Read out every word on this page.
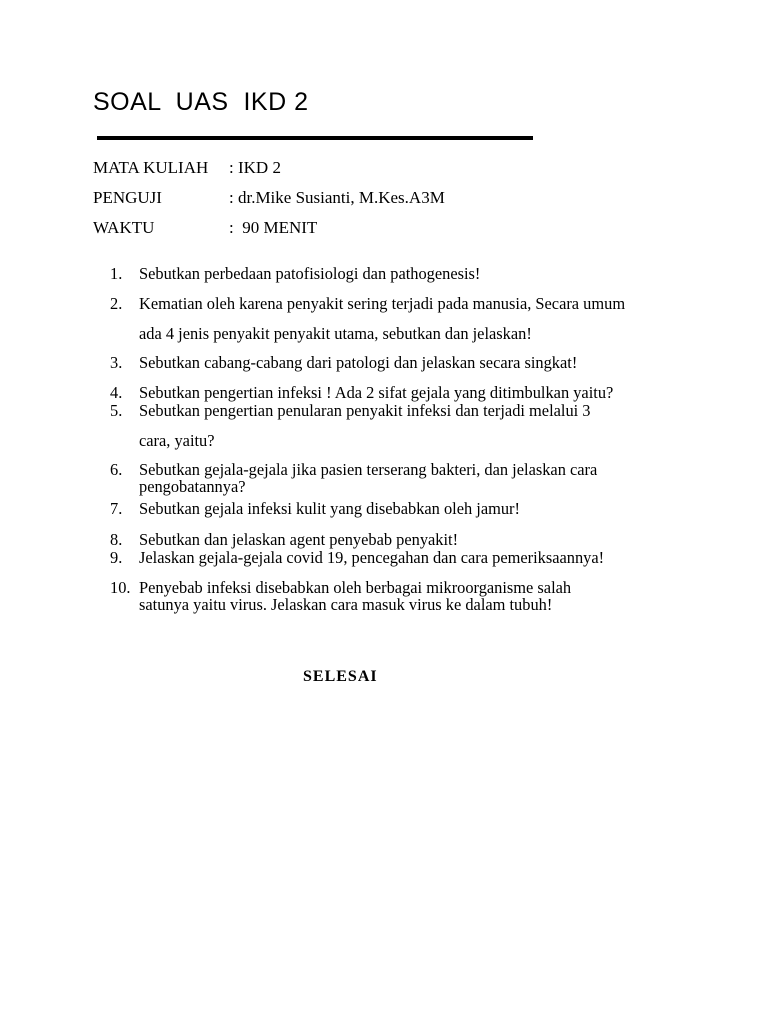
SOAL  UAS  IKD 2
MATA KULIAH : IKD 2
PENGUJI	: dr.Mike Susianti, M.Kes.A3M
WAKTU	:  90 MENIT
1. Sebutkan perbedaan patofisiologi dan pathogenesis!
2. Kematian oleh karena penyakit sering terjadi pada manusia, Secara umum
ada 4 jenis penyakit penyakit utama, sebutkan dan jelaskan!
3. Sebutkan cabang-cabang dari patologi dan jelaskan secara singkat!
4. Sebutkan pengertian infeksi ! Ada 2 sifat gejala yang ditimbulkan yaitu?
5. Sebutkan pengertian penularan penyakit infeksi dan terjadi melalui 3
cara, yaitu?
6. Sebutkan gejala-gejala jika pasien terserang bakteri, dan jelaskan cara
pengobatannya?
7. Sebutkan gejala infeksi kulit yang disebabkan oleh jamur!
8. Sebutkan dan jelaskan agent penyebab penyakit!
9. Jelaskan gejala-gejala covid 19, pencegahan dan cara pemeriksaannya!
10. Penyebab infeksi disebabkan oleh berbagai mikroorganisme salah
satunya yaitu virus. Jelaskan cara masuk virus ke dalam tubuh!
SELESAI
